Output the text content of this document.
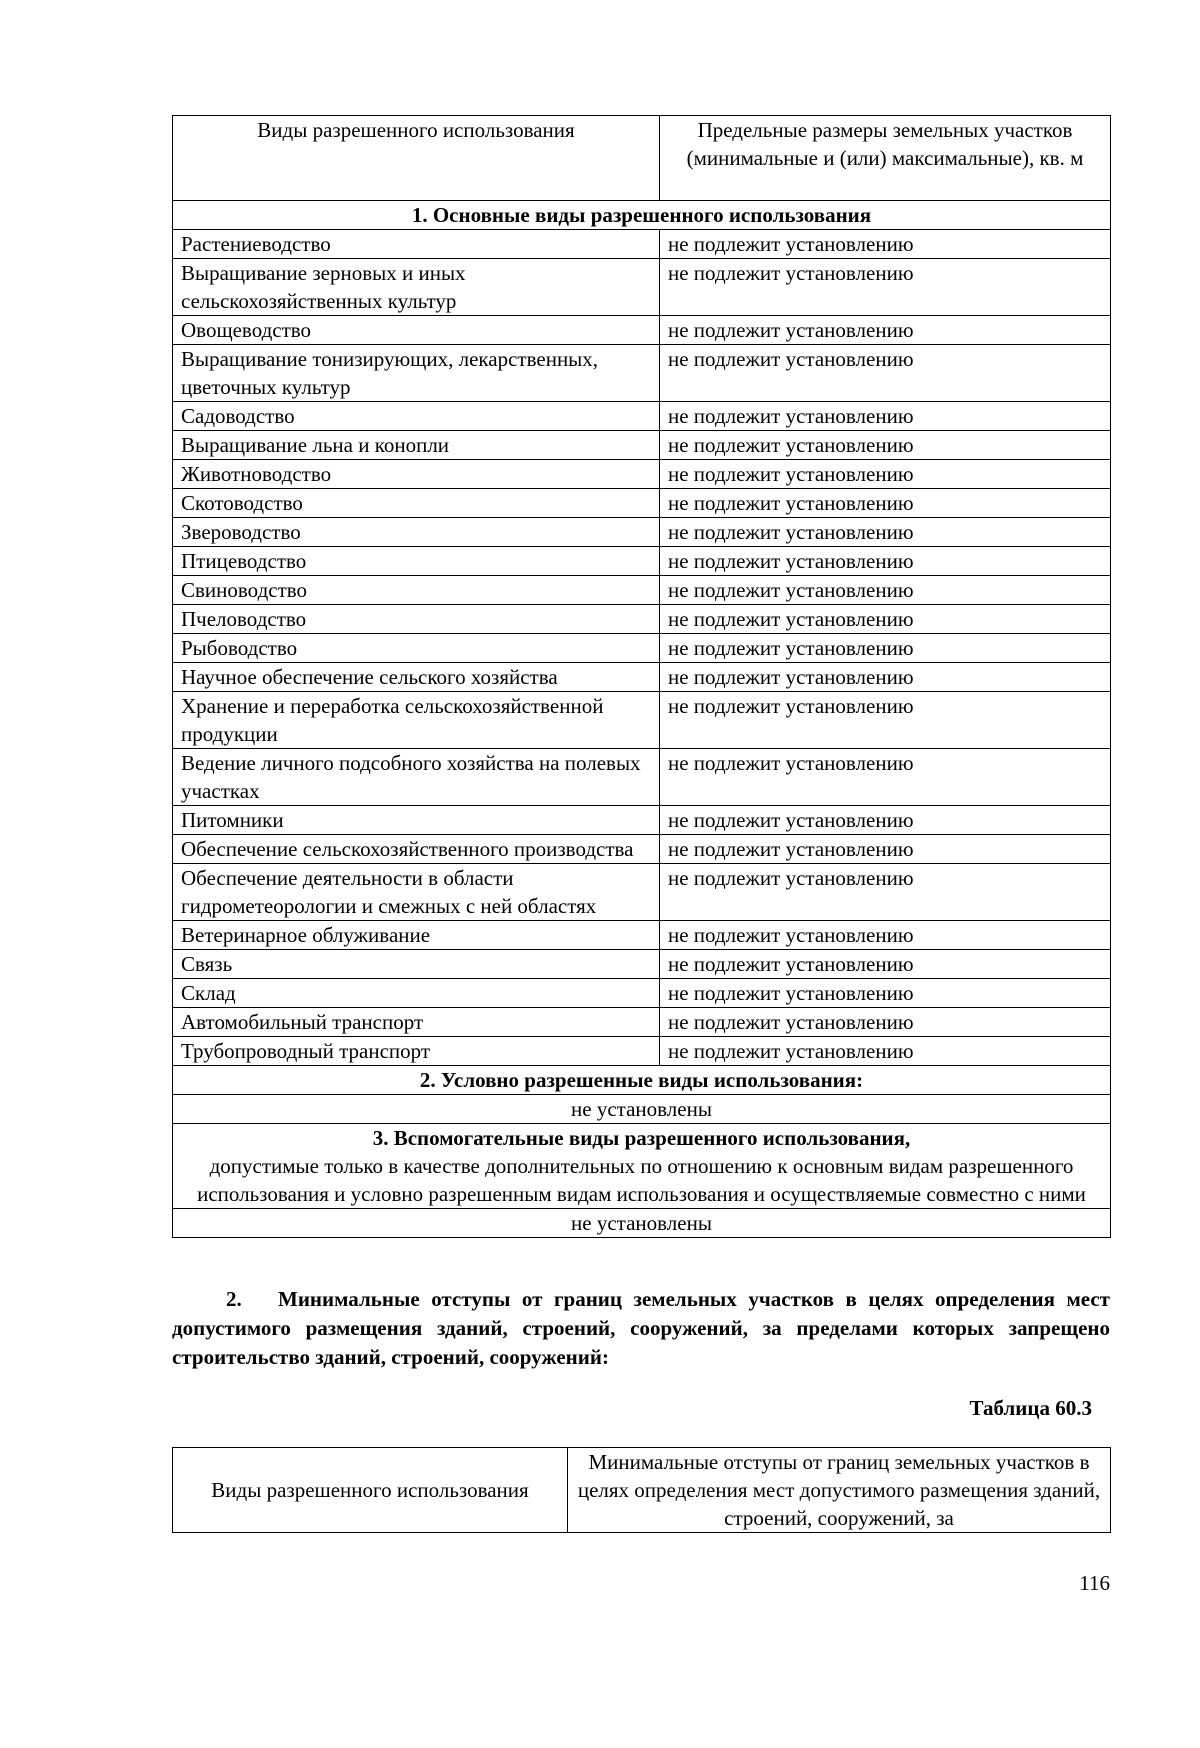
Виды разрешенного использования	Предельные размеры земельных участков (минимальные и (или) максимальные), кв. м
1. Основные виды разрешенного использования	
Растениеводство	не подлежит установлению
Выращивание зерновых и иных сельскохозяйственных культур	не подлежит установлению
Овощеводство	не подлежит установлению
Выращивание тонизирующих, лекарственных, цветочных культур	не подлежит установлению
Садоводство	не подлежит установлению
Выращивание льна и конопли	не подлежит установлению
Животноводство	не подлежит установлению
Скотоводство	не подлежит установлению
Звероводство	не подлежит установлению
Птицеводство	не подлежит установлению
Свиноводство	не подлежит установлению
Пчеловодство	не подлежит установлению
Рыбоводство	не подлежит установлению
Научное обеспечение сельского хозяйства	не подлежит установлению
Хранение и переработка сельскохозяйственной продукции	не подлежит установлению
Ведение личного подсобного хозяйства на полевых участках	не подлежит установлению
Питомники	не подлежит установлению
Обеспечение сельскохозяйственного производства	не подлежит установлению
Обеспечение деятельности в области гидрометеорологии и смежных с ней областях	не подлежит установлению
Ветеринарное облуживание	не подлежит установлению
Связь	не подлежит установлению
Склад	не подлежит установлению
Автомобильный транспорт	не подлежит установлению
Трубопроводный транспорт	не подлежит установлению
2. Условно разрешенные виды использования:	
не установлены	

3. Вспомогательные виды разрешенного использования,
допустимые только в качестве дополнительных по отношению к основным видам разрешенного использования и условно разрешенным видам использования и осуществляемые совместно с ними	
не установлены	
2. Минимальные отступы от границ земельных участков в целях определения мест допустимого размещения зданий, строений, сооружений, за пределами которых запрещено строительство зданий, строений, сооружений:
Таблица 60.3
Виды разрешенного использования	Минимальные отступы от границ земельных участков в целях определения мест допустимого размещения зданий, строений, сооружений, за
116
